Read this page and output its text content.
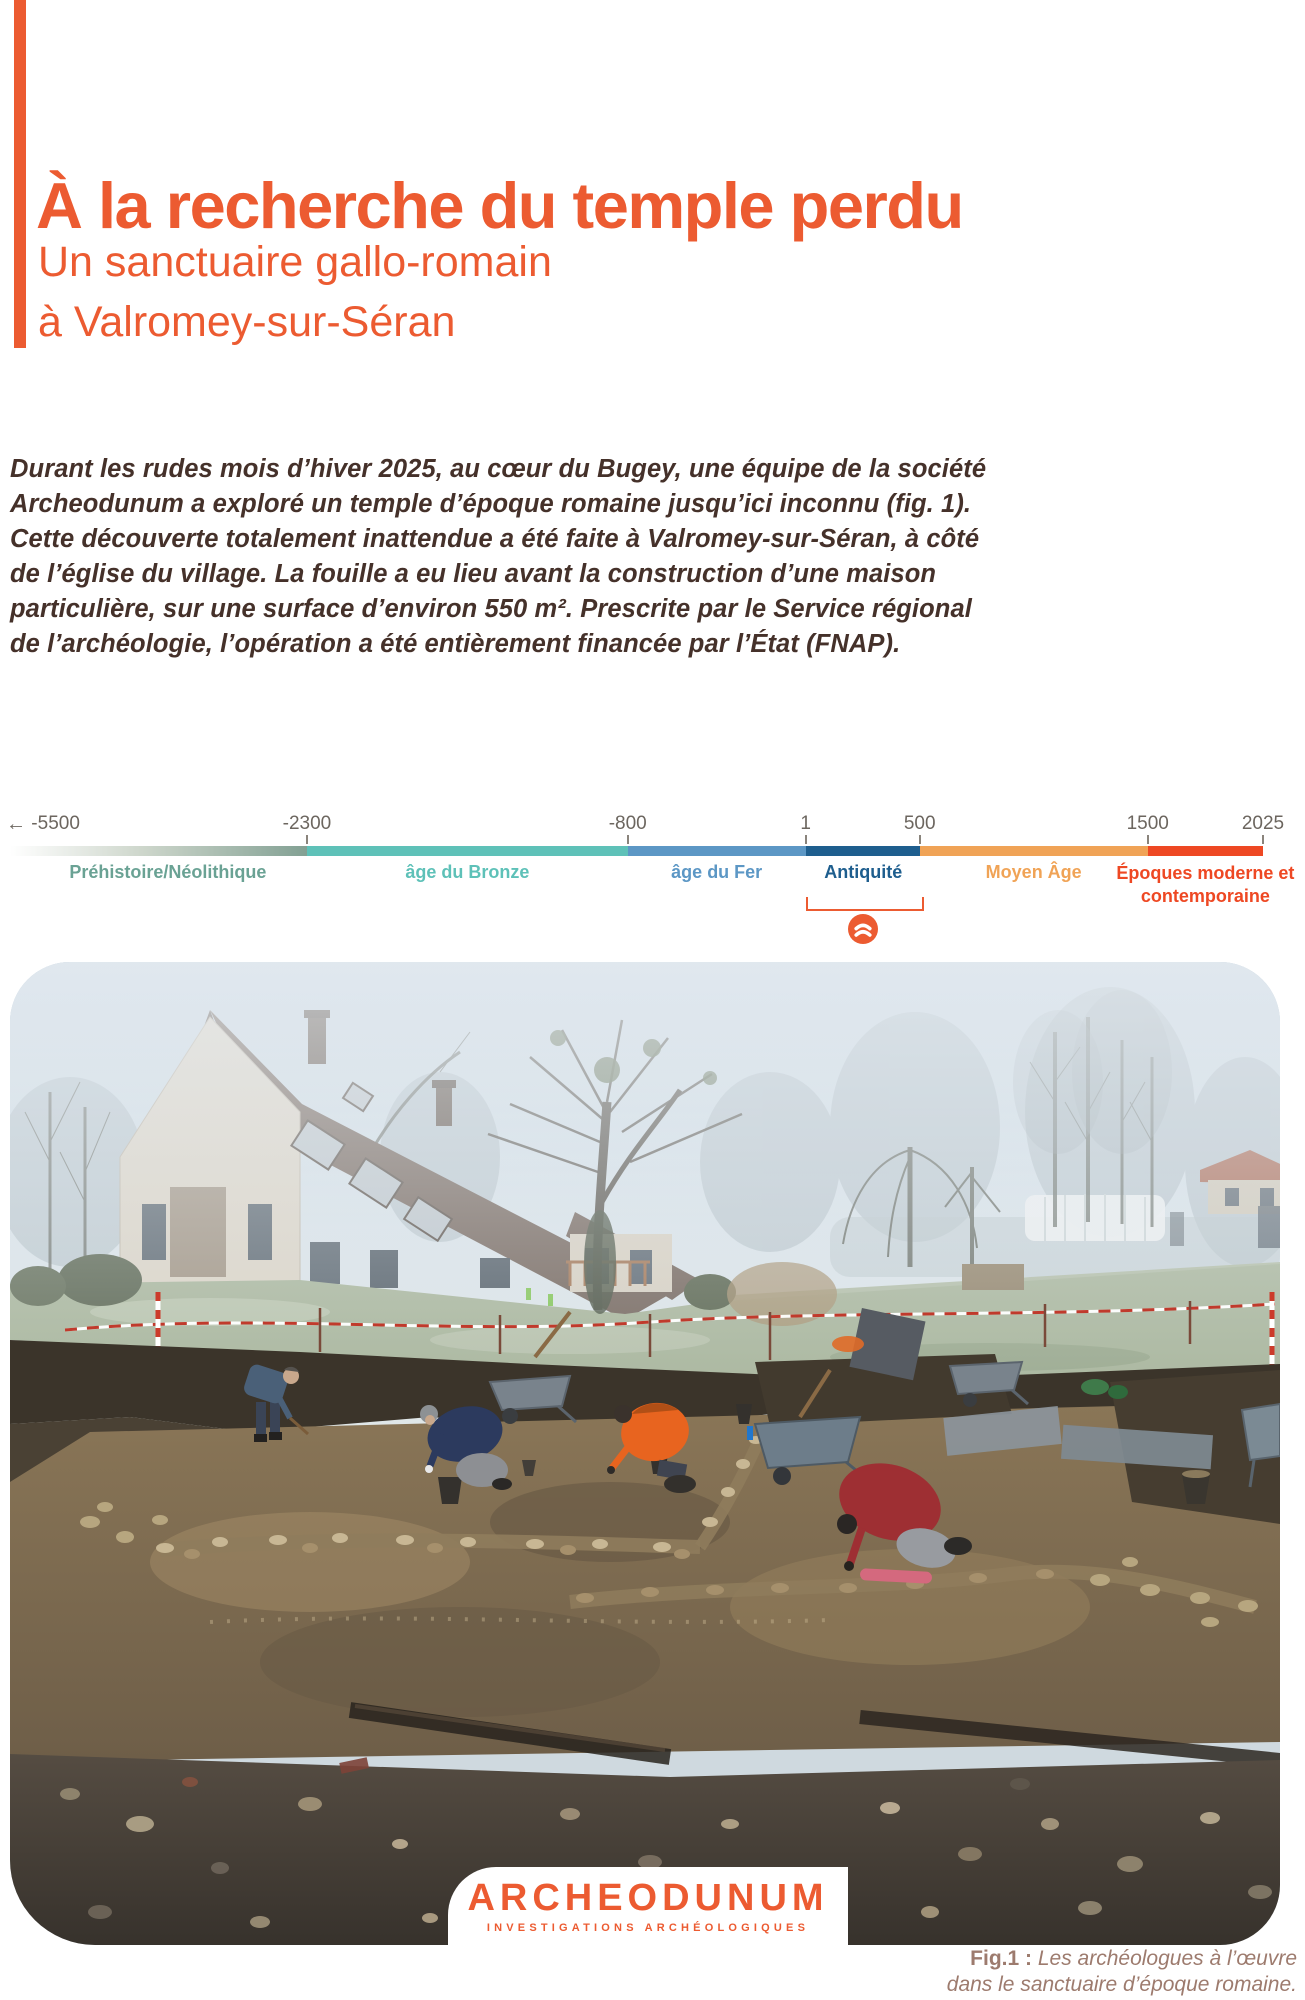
À la recherche du temple perdu
Un sanctuaire gallo-romain
à Valromey-sur-Séran
Durant les rudes mois d’hiver 2025, au cœur du Bugey, une équipe de la société
Archeodunum a exploré un temple d’époque romaine jusqu’ici inconnu (fig. 1).
Cette découverte totalement inattendue a été faite à Valromey-sur-Séran, à côté
de l’église du village. La fouille a eu lieu avant la construction d’une maison
particulière, sur une surface d’environ 550 m². Prescrite par le Service régional
de l’archéologie, l’opération a été entièrement financée par l’État (FNAP).
← -5500	-2300	-800	1	500	1500	2025
Préhistoire/Néolithique	âge du Bronze	âge du Fer	Antiquité	Moyen Âge	Époques moderne et contemporaine
ARCHEODUNUM
INVESTIGATIONS ARCHÉOLOGIQUES
Fig.1 : Les archéologues à l’œuvre
dans le sanctuaire d’époque romaine.
